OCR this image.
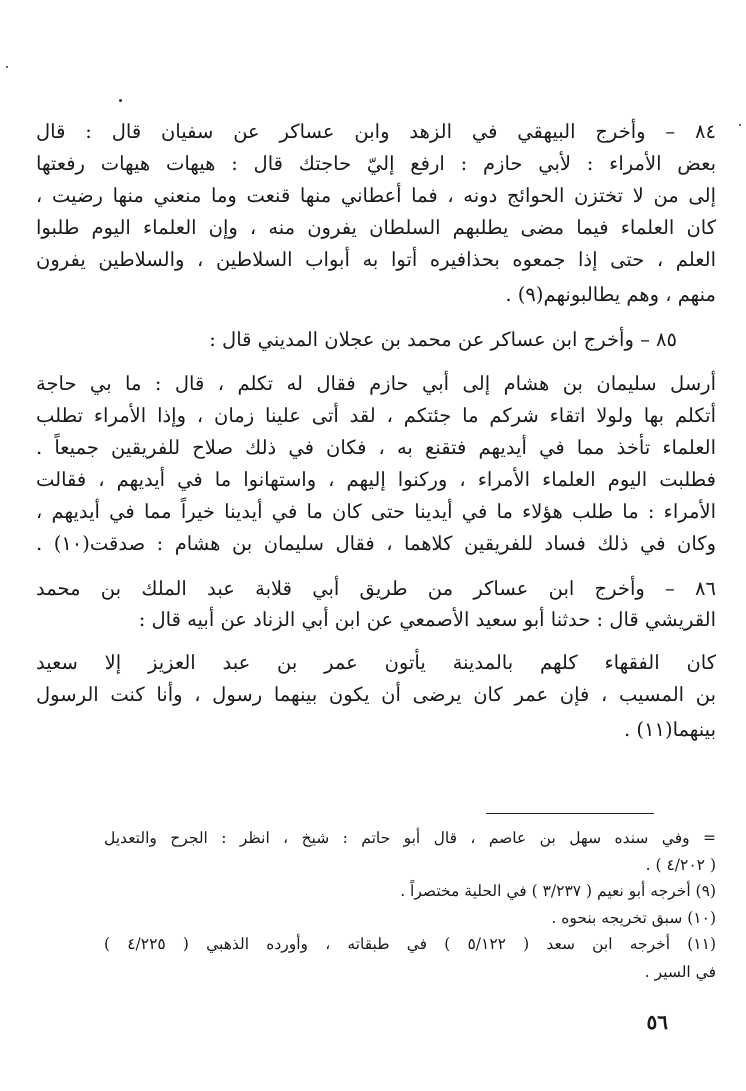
٨٤ – وأخرج البيهقي في الزهد وابن عساكر عن سفيان قال : قال
بعض الأمراء : لأبي حازم : ارفع إليّ حاجتك قال : هيهات هيهات رفعتها
إلى من لا تختزن الحوائج دونه ، فما أعطاني منها قنعت وما منعني منها رضيت ،
كان العلماء فيما مضى يطلبهم السلطان يفرون منه ، وإن العلماء اليوم طلبوا
العلم ، حتى إذا جمعوه بحذافيره أتوا به أبواب السلاطين ، والسلاطين يفرون
منهم ، وهم يطالبونهم(٩) .
٨٥ – وأخرج ابن عساكر عن محمد بن عجلان المديني قال :
أرسل سليمان بن هشام إلى أبي حازم فقال له تكلم ، قال : ما بي حاجة
أتكلم بها ولولا اتقاء شركم ما جئتكم ، لقد أتى علينا زمان ، وإذا الأمراء تطلب
العلماء تأخذ مما في أيديهم فتقنع به ، فكان في ذلك صلاح للفريقين جميعاً .
فطلبت اليوم العلماء الأمراء ، وركنوا إليهم ، واستهانوا ما في أيديهم ، فقالت
الأمراء : ما طلب هؤلاء ما في أيدينا حتى كان ما في أيدينا خيراً مما في أيديهم ،
وكان في ذلك فساد للفريقين كلاهما ، فقال سليمان بن هشام : صدقت(١٠) .
٨٦ – وأخرج ابن عساكر من طريق أبي قلابة عبد الملك بن محمد
القريشي قال : حدثنا أبو سعيد الأصمعي عن ابن أبي الزناد عن أبيه قال :
كان الفقهاء كلهم بالمدينة يأتون عمر بن عبد العزيز إلا سعيد
بن المسيب ، فإن عمر كان يرضى أن يكون بينهما رسول ، وأنا كنت الرسول
بينهما(١١) .
= وفي سنده سهل بن عاصم ، قال أبو حاتم : شيخ ، انظر : الجرح والتعديل
( ٤/٢٠٢ ) .
(٩) أخرجه أبو نعيم ( ٣/٢٣٧ ) في الحلية مختصراً .
(١٠) سبق تخريجه بنحوه .
(١١) أخرجه ابن سعد ( ٥/١٢٢ ) في طبقاته ، وأورده الذهبي ( ٤/٢٢٥ )
في السير .
٥٦
